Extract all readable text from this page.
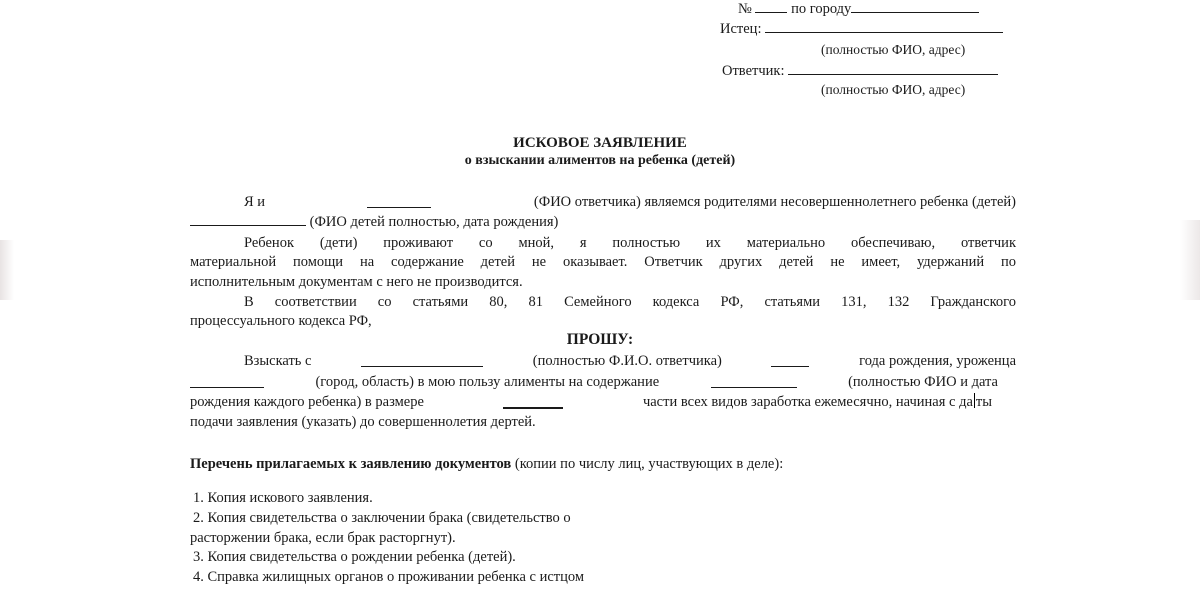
№	по городу
Истец:
(полностью ФИО, адрес)
Ответчик:
(полностью ФИО, адрес)
ИСКОВОЕ ЗАЯВЛЕНИЕ
о взыскании алиментов на ребенка (детей)
Я и	(ФИО ответчика) являемся родителями несовершеннолетнего ребенка (детей)
(ФИО детей полностью, дата рождения)
Ребенок (дети) проживают со мной, я полностью их материально обеспечиваю, ответчик
материальной помощи на содержание детей не оказывает. Ответчик других детей не имеет, удержаний по
исполнительным документам с него не производится.
В соответствии со статьями 80, 81 Семейного кодекса РФ, статьями 131, 132 Гражданского
процессуального кодекса РФ,
ПРОШУ:
Взыскать с	(полностью Ф.И.О. ответчика)	года рождения, уроженца
(город, область) в мою пользу алименты на содержание	(полностью ФИО и дата
рождения каждого ребенка) в размере	части всех видов заработка ежемесячно, начиная с да ты
подачи заявления (указать) до совершеннолетия дертей.
Перечень прилагаемых к заявлению документов (копии по числу лиц, участвующих в деле):
1. Копия искового заявления.
2. Копия свидетельства о заключении брака (свидетельство о
расторжении брака, если брак расторгнут).
3. Копия свидетельства о рождении ребенка (детей).
4. Справка жилищных органов о проживании ребенка с истцом
